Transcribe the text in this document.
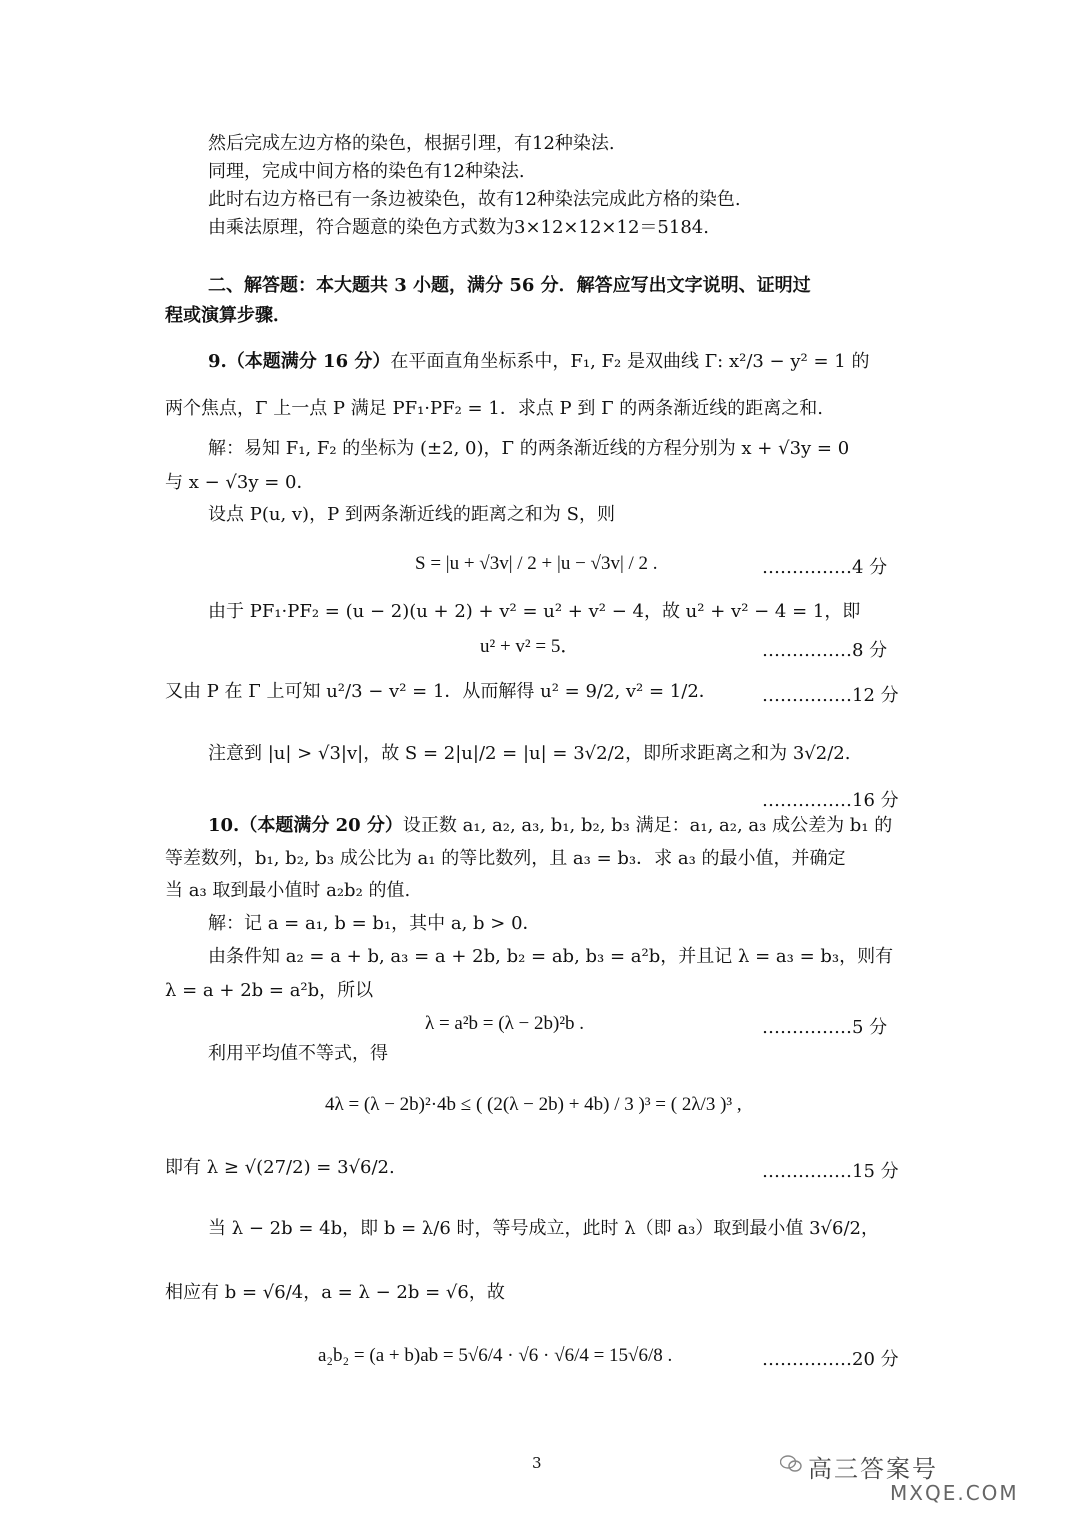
然后完成左边方格的染色，根据引理，有12种染法.
同理，完成中间方格的染色有12种染法.
此时右边方格已有一条边被染色，故有12种染法完成此方格的染色.
由乘法原理，符合题意的染色方式数为3×12×12×12＝5184.
二、解答题：本大题共 3 小题，满分 56 分．解答应写出文字说明、证明过
程或演算步骤．
9.（本题满分 16 分）在平面直角坐标系中，F₁, F₂ 是双曲线 Γ: x²/3 − y² = 1 的
两个焦点，Γ 上一点 P 满足 PF₁·PF₂ = 1．求点 P 到 Γ 的两条渐近线的距离之和.
解：易知 F₁, F₂ 的坐标为 (±2, 0)，Γ 的两条渐近线的方程分别为 x + √3y = 0
与 x − √3y = 0．
设点 P(u, v)，P 到两条渐近线的距离之和为 S，则
S = |u + √3v| / 2 + |u − √3v| / 2 .	……………4 分
由于 PF₁·PF₂ = (u − 2)(u + 2) + v² = u² + v² − 4，故 u² + v² − 4 = 1，即
u² + v² = 5．	……………8 分
又由 P 在 Γ 上可知 u²/3 − v² = 1．从而解得 u² = 9/2, v² = 1/2．	……………12 分
注意到 |u| > √3|v|，故 S = 2|u|/2 = |u| = 3√2/2，即所求距离之和为 3√2/2.
……………16 分
10.（本题满分 20 分）设正数 a₁, a₂, a₃, b₁, b₂, b₃ 满足：a₁, a₂, a₃ 成公差为 b₁ 的
等差数列，b₁, b₂, b₃ 成公比为 a₁ 的等比数列，且 a₃ = b₃．求 a₃ 的最小值，并确定
当 a₃ 取到最小值时 a₂b₂ 的值.
解：记 a = a₁, b = b₁，其中 a, b > 0．
由条件知 a₂ = a + b, a₃ = a + 2b, b₂ = ab, b₃ = a²b，并且记 λ = a₃ = b₃，则有
λ = a + 2b = a²b，所以
λ = a²b = (λ − 2b)²b .	……………5 分
利用平均值不等式，得
4λ = (λ − 2b)²·4b ≤ ( (2(λ − 2b) + 4b) / 3 )³ = ( 2λ/3 )³ ,
即有 λ ≥ √(27/2) = 3√6/2.	……………15 分
当 λ − 2b = 4b，即 b = λ/6 时，等号成立，此时 λ（即 a₃）取到最小值 3√6/2，
相应有 b = √6/4，a = λ − 2b = √6，故
a₂b₂ = (a + b)ab = 5√6/4 · √6 · √6/4 = 15√6/8 .	……………20 分
3	高三答案号
MXQE.COM
